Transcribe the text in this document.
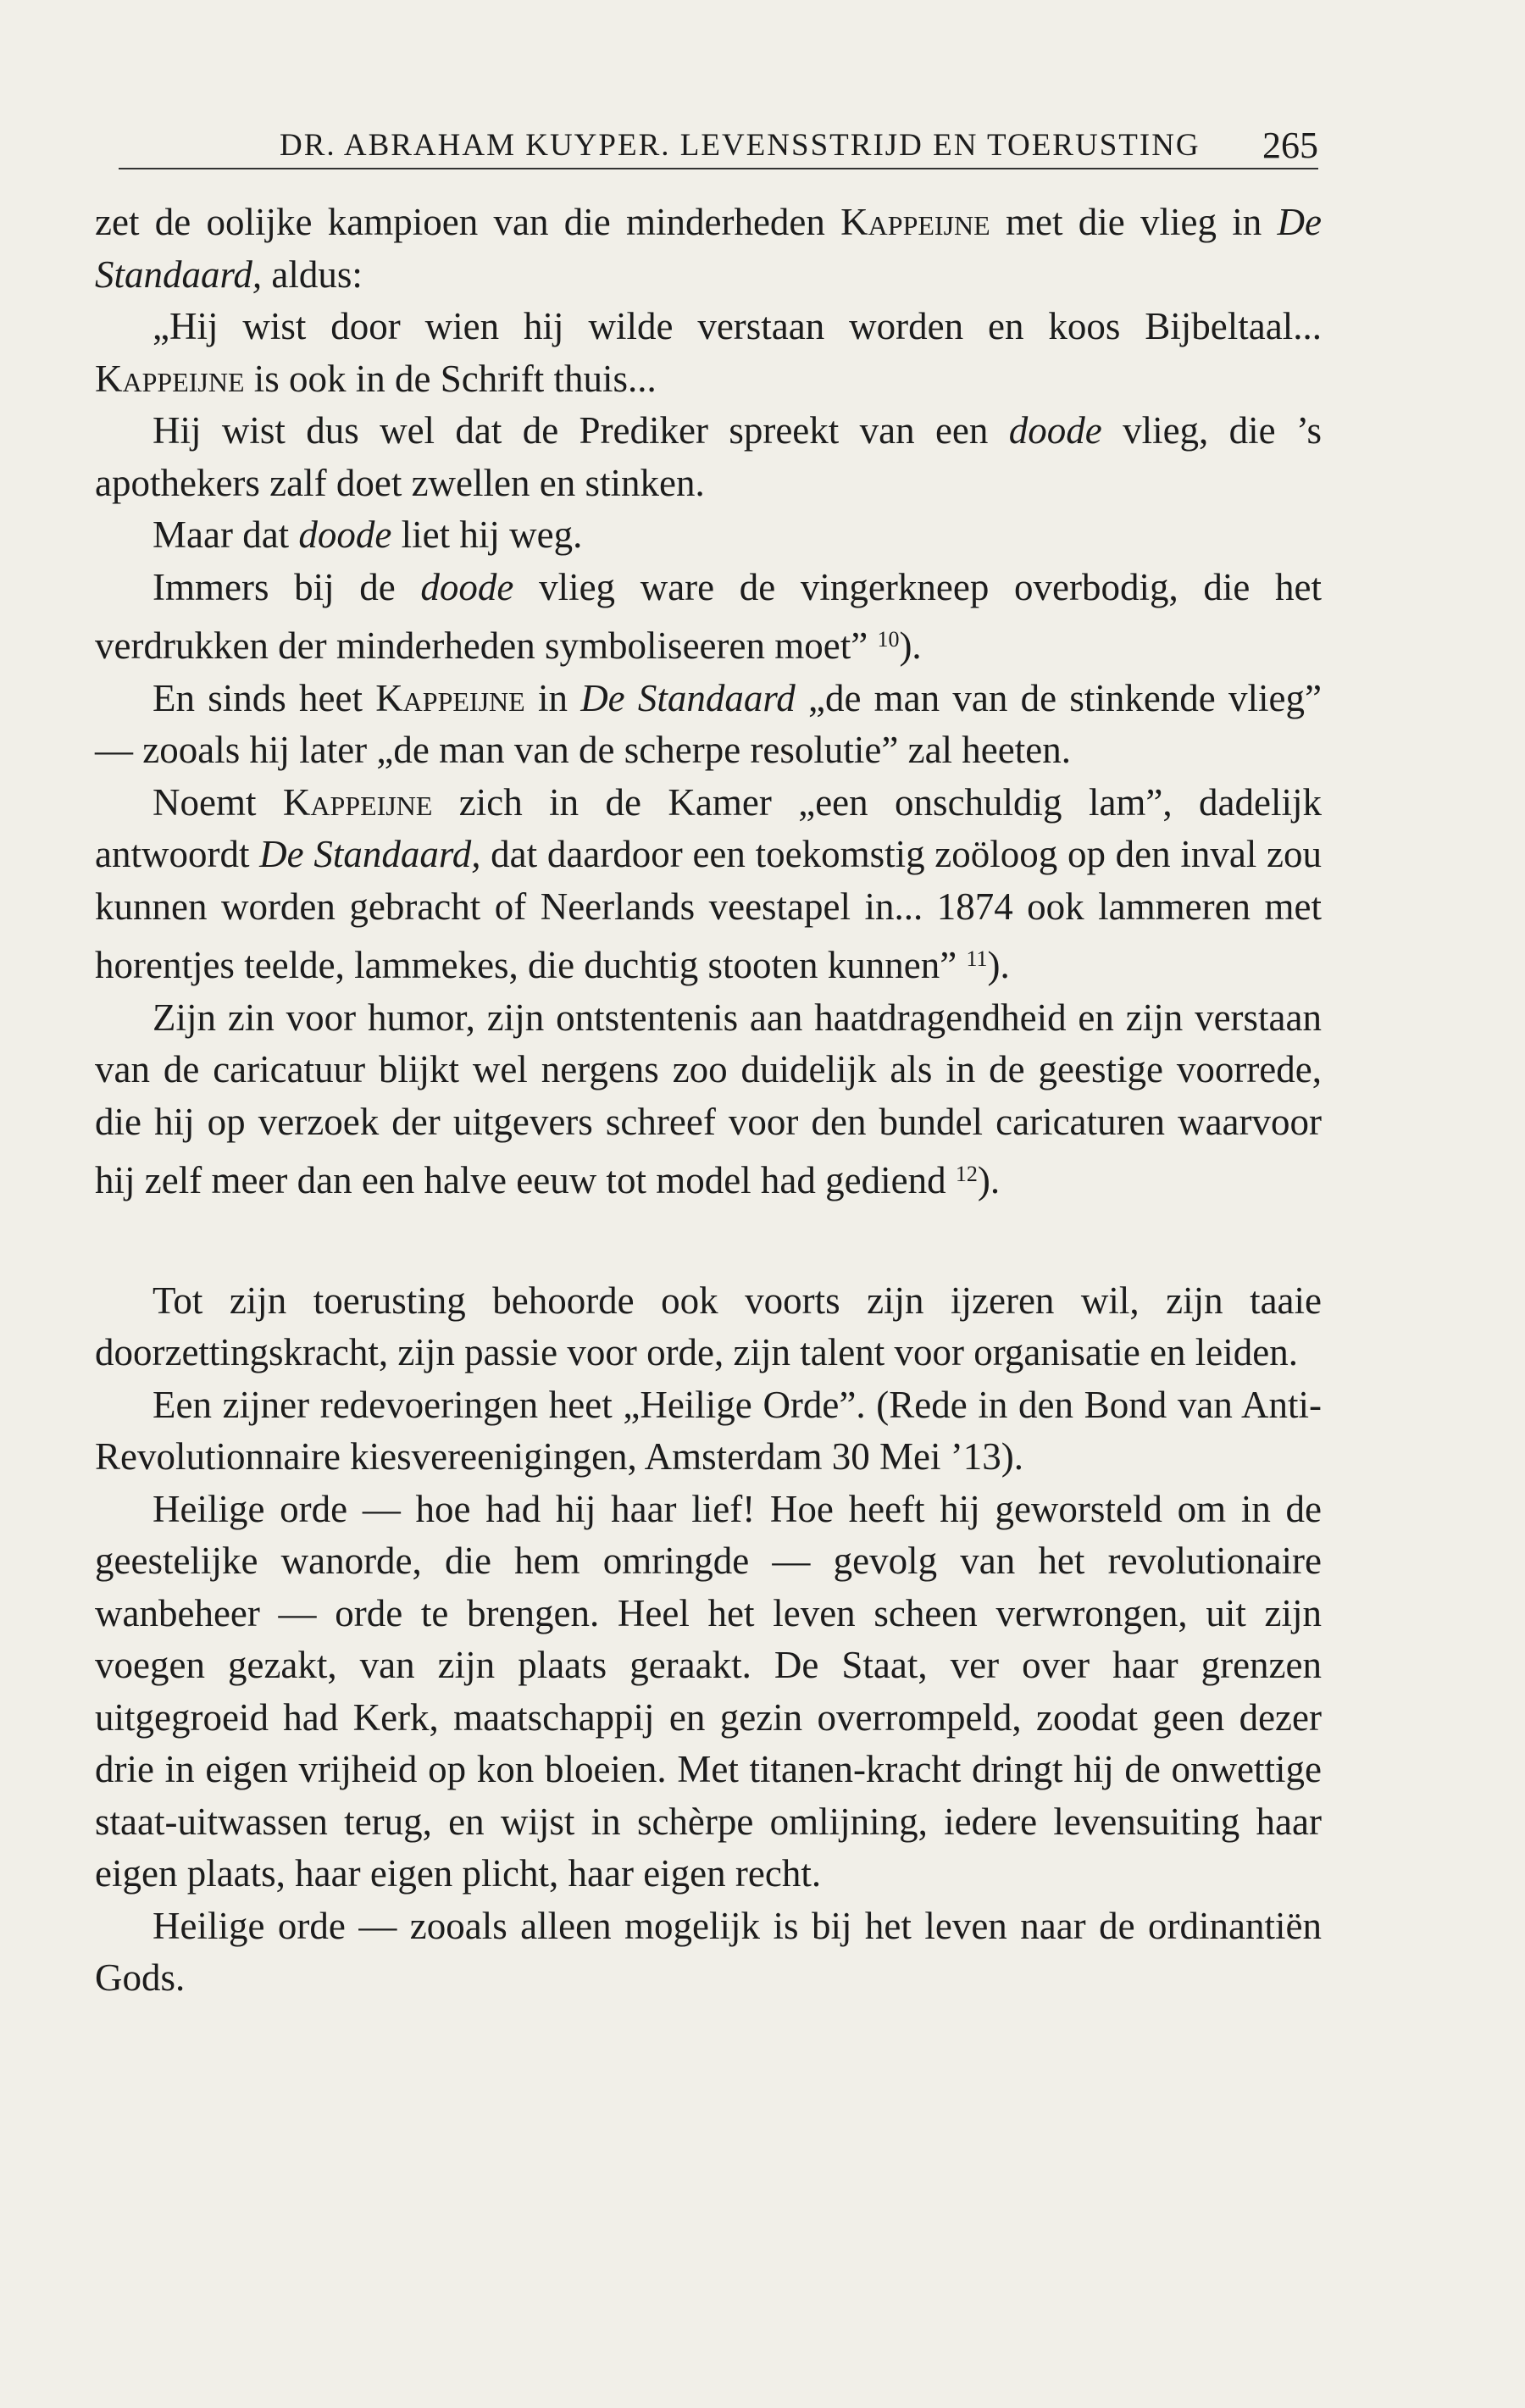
DR. ABRAHAM KUYPER. LEVENSSTRIJD EN TOERUSTING 265

zet de oolijke kampioen van die minderheden Kappeijne met die vlieg in De Standaard, aldus:

„Hij wist door wien hij wilde verstaan worden en koos Bijbeltaal... Kappeijne is ook in de Schrift thuis...

Hij wist dus wel dat de Prediker spreekt van een doode vlieg, die ’s apothekers zalf doet zwellen en stinken.

Maar dat doode liet hij weg.

Immers bij de doode vlieg ware de vingerkneep overbodig, die het verdrukken der minderheden symboliseeren moet” $^{10}$).

En sinds heet Kappeijne in De Standaard „de man van de stinkende vlieg” — zooals hij later „de man van de scherpe resolutie” zal heeten.

Noemt Kappeijne zich in de Kamer „een onschuldig lam”, dadelijk antwoordt De Standaard, dat daardoor een toekomstig zoöloog op den inval zou kunnen worden gebracht of Neerlands veestapel in... 1874 ook lammeren met horentjes teelde, lammekes, die duchtig stooten kunnen” $^{11}$).

Zijn zin voor humor, zijn ontstentenis aan haatdragendheid en zijn verstaan van de caricatuur blijkt wel nergens zoo duidelijk als in de geestige voorrede, die hij op verzoek der uitgevers schreef voor den bundel caricaturen waarvoor hij zelf meer dan een halve eeuw tot model had gediend $^{12}$).

Tot zijn toerusting behoorde ook voorts zijn ijzeren wil, zijn taaie doorzettingskracht, zijn passie voor orde, zijn talent voor organisatie en leiden.

Een zijner redevoeringen heet „Heilige Orde”. (Rede in den Bond van Anti-Revolutionnaire kiesvereenigingen, Amsterdam 30 Mei ’13).

Heilige orde — hoe had hij haar lief! Hoe heeft hij geworsteld om in de geestelijke wanorde, die hem omringde — gevolg van het revolutionaire wanbeheer — orde te brengen. Heel het leven scheen verwrongen, uit zijn voegen gezakt, van zijn plaats geraakt. De Staat, ver over haar grenzen uitgegroeid had Kerk, maatschappij en gezin overrompeld, zoodat geen dezer drie in eigen vrijheid op kon bloeien. Met titanen-kracht dringt hij de onwettige staat-uitwassen terug, en wijst in schèrpe omlijning, iedere levensuiting haar eigen plaats, haar eigen plicht, haar eigen recht.

Heilige orde — zooals alleen mogelijk is bij het leven naar de ordinantiën Gods.
